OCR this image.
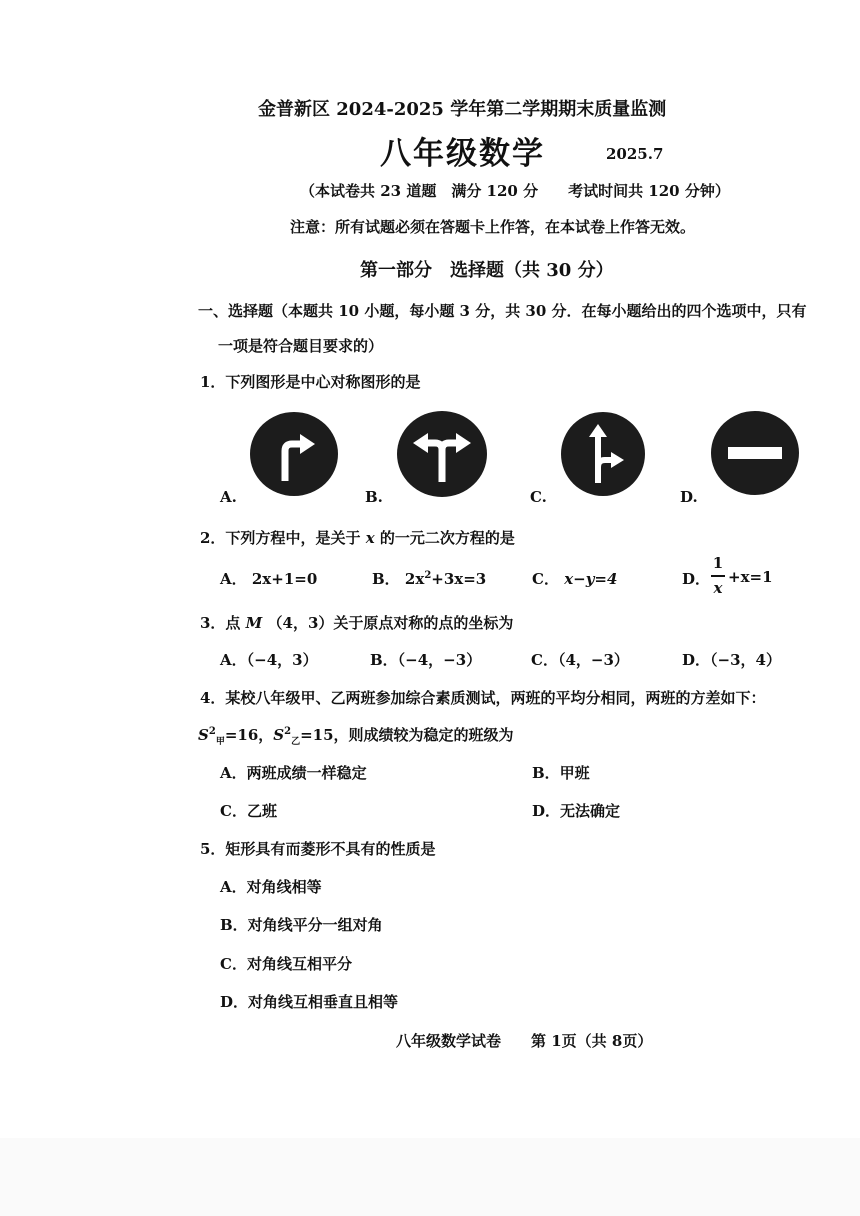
金普新区 2024-2025 学年第二学期期末质量监测
八年级数学	2025.7
（本试卷共 23 道题　满分 120 分　　考试时间共 120 分钟）
注意：所有试题必须在答题卡上作答，在本试卷上作答无效。
第一部分　选择题（共 30 分）
一、选择题（本题共 10 小题，每小题 3 分，共 30 分．在每小题给出的四个选项中，只有
一项是符合题目要求的）
1．下列图形是中心对称图形的是
A.	B.	C.	D.
2．下列方程中，是关于 x 的一元二次方程的是
A． 2x+1=0	B． $2x^2+3x=3$	C． x−y=4	D．
1
x
+x=1
3．点 M （4，3）关于原点对称的点的坐标为
A．（−4，3）	B．（−4，−3）	C．（4，−3）	D．（−3，4）
4．某校八年级甲、乙两班参加综合素质测试，两班的平均分相同，两班的方差如下：
$S^2_甲=16$，$S^2_乙=15$，则成绩较为稳定的班级为
A．两班成绩一样稳定	B．甲班
C．乙班	D．无法确定
5．矩形具有而菱形不具有的性质是
A．对角线相等
B．对角线平分一组对角
C．对角线互相平分
D．对角线互相垂直且相等
八年级数学试卷　　第 1页（共 8页）
